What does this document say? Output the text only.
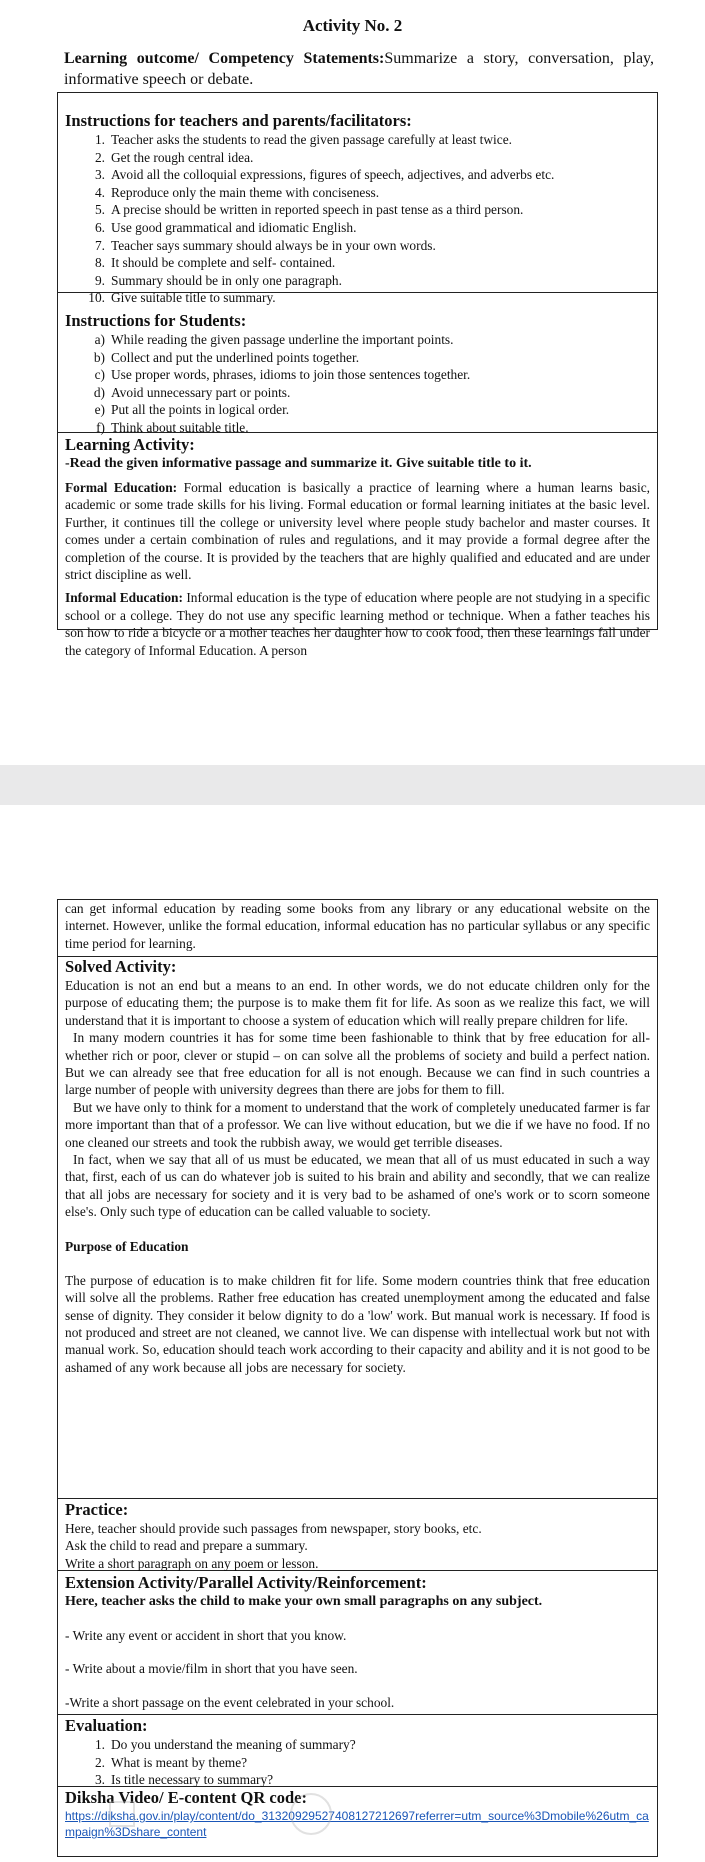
Activity No. 2
Learning outcome/ Competency Statements:Summarize a story, conversation, play, informative speech or debate.
Instructions for teachers and parents/facilitators:
1. Teacher asks the students to read the given passage carefully at least twice.
2. Get the rough central idea.
3. Avoid all the colloquial expressions, figures of speech, adjectives, and adverbs etc.
4. Reproduce only the main theme with conciseness.
5. A precise should be written in reported speech in past tense as a third person.
6. Use good grammatical and idiomatic English.
7. Teacher says summary should always be in your own words.
8. It should be complete and self- contained.
9. Summary should be in only one paragraph.
10. Give suitable title to summary.
Instructions for Students:
a) While reading the given passage underline the important points.
b) Collect and put the underlined points together.
c) Use proper words, phrases, idioms to join those sentences together.
d) Avoid unnecessary part or points.
e) Put all the points in logical order.
f) Think about suitable title.
Learning Activity:
-Read the given informative passage and summarize it. Give suitable title to it.

Formal Education: Formal education is basically a practice of learning where a human learns basic, academic or some trade skills for his living. Formal education or formal learning initiates at the basic level. Further, it continues till the college or university level where people study bachelor and master courses. It comes under a certain combination of rules and regulations, and it may provide a formal degree after the completion of the course. It is provided by the teachers that are highly qualified and educated and are under strict discipline as well.

Informal Education: Informal education is the type of education where people are not studying in a specific school or a college. They do not use any specific learning method or technique. When a father teaches his son how to ride a bicycle or a mother teaches her daughter how to cook food, then these learnings fall under the category of Informal Education. A person

can get informal education by reading some books from any library or any educational website on the internet. However, unlike the formal education, informal education has no particular syllabus or any specific time period for learning.

Solved Activity:

Education is not an end but a means to an end. In other words, we do not educate children only for the purpose of educating them; the purpose is to make them fit for life. As soon as we realize this fact, we will understand that it is important to choose a system of education which will really prepare children for life.

In many modern countries it has for some time been fashionable to think that by free education for all- whether rich or poor, clever or stupid – on can solve all the problems of society and build a perfect nation. But we can already see that free education for all is not enough. Because we can find in such countries a large number of people with university degrees than there are jobs for them to fill.

But we have only to think for a moment to understand that the work of completely uneducated farmer is far more important than that of a professor. We can live without education, but we die if we have no food. If no one cleaned our streets and took the rubbish away, we would get terrible diseases.

In fact, when we say that all of us must be educated, we mean that all of us must educated in such a way that, first, each of us can do whatever job is suited to his brain and ability and secondly, that we can realize that all jobs are necessary for society and it is very bad to be ashamed of one's work or to scorn someone else's. Only such type of education can be called valuable to society.

Purpose of Education

The purpose of education is to make children fit for life. Some modern countries think that free education will solve all the problems. Rather free education has created unemployment among the educated and false sense of dignity. They consider it below dignity to do a 'low' work. But manual work is necessary. If food is not produced and street are not cleaned, we cannot live. We can dispense with intellectual work but not with manual work. So, education should teach work according to their capacity and ability and it is not good to be ashamed of any work because all jobs are necessary for society.

Practice:
Here, teacher should provide such passages from newspaper, story books, etc.
Ask the child to read and prepare a summary.
Write a short paragraph on any poem or lesson.
Extension Activity/Parallel Activity/Reinforcement:
Here, teacher asks the child to make your own small paragraphs on any subject.
- Write any event or accident in short that you know.
- Write about a movie/film in short that you have seen.
-Write a short passage on the event celebrated in your school.
Evaluation:
1. Do you understand the meaning of summary?
2. What is meant by theme?
3. Is title necessary to summary?
Diksha Video/ E-content QR code:
https://diksha.gov.in/play/content/do_31320929527408127212697referrer=utm_source%3Dmobile%26utm_campaign%3Dshare_content
